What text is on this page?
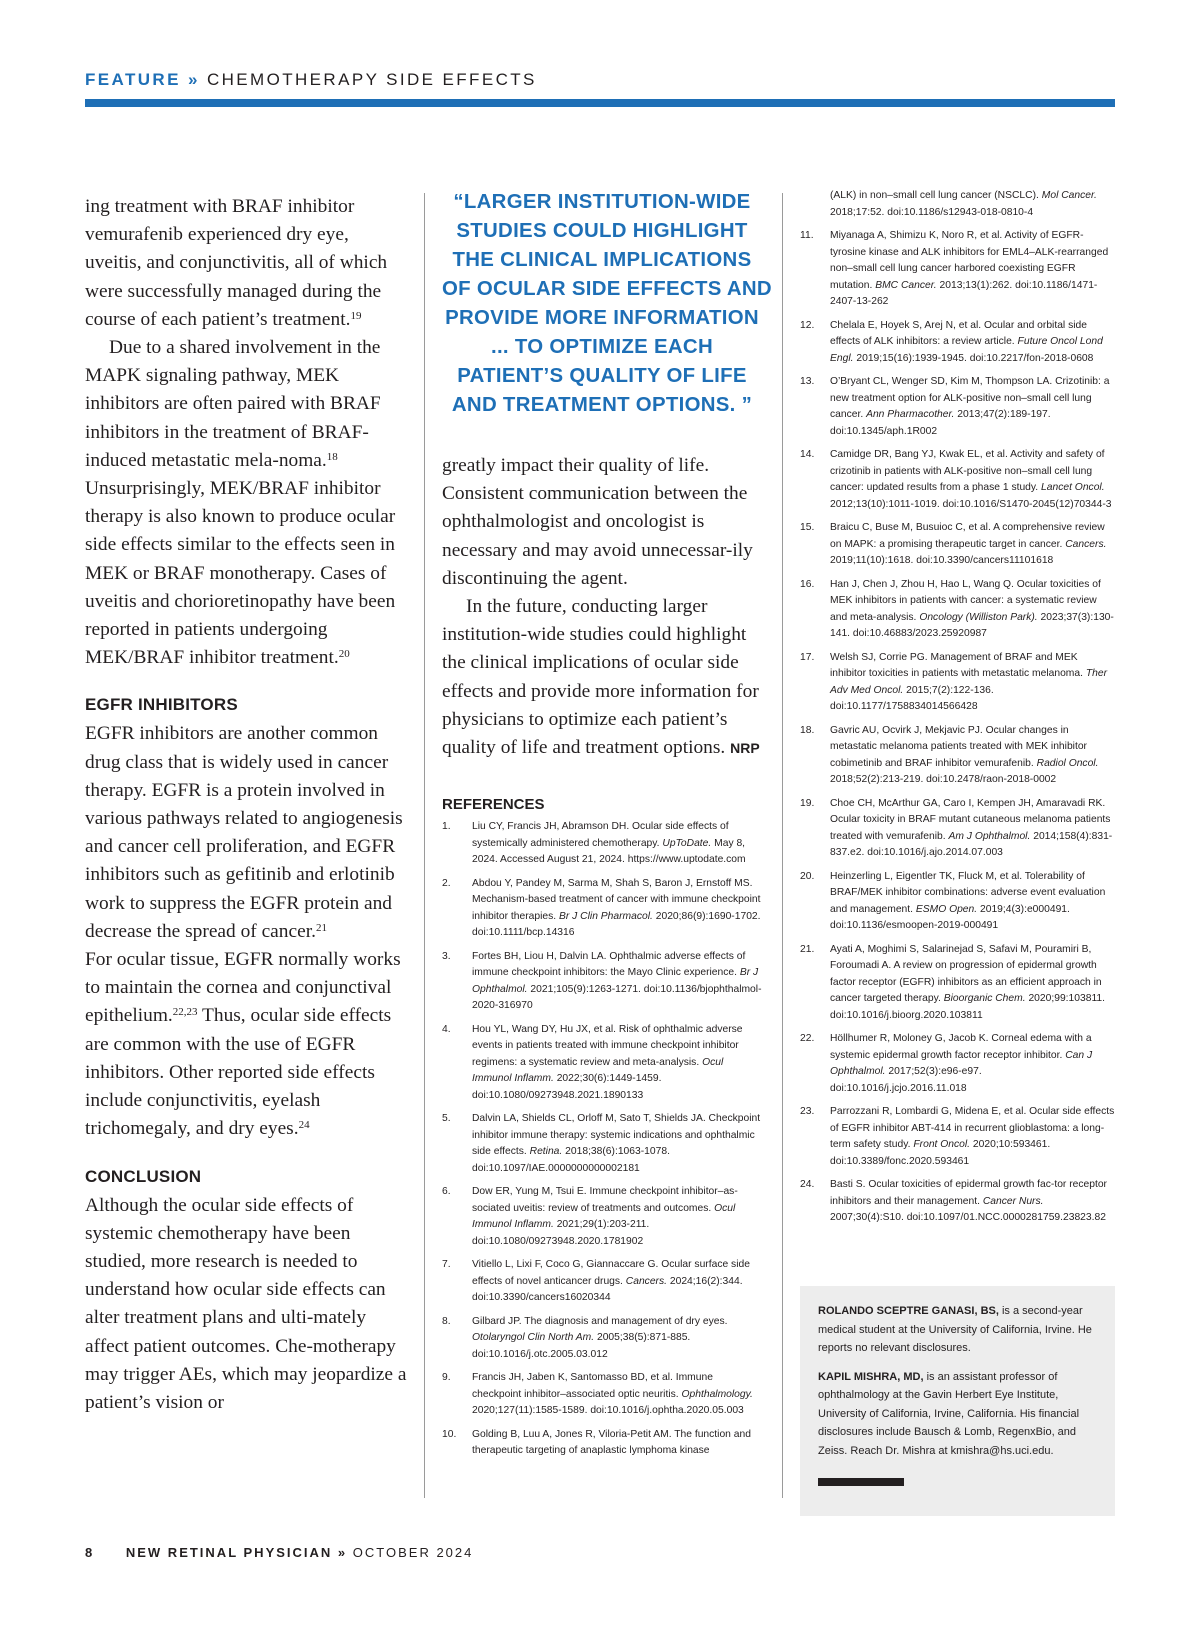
FEATURE » CHEMOTHERAPY SIDE EFFECTS

ing treatment with BRAF inhibitor vemurafenib experienced dry eye, uveitis, and conjunctivitis, all of which were successfully managed during the course of each patient’s treatment.$^{19}$

Due to a shared involvement in the MAPK signaling pathway, MEK inhibitors are often paired with BRAF inhibitors in the treatment of BRAF-induced metastatic mela-noma.$^{18}$ Unsurprisingly, MEK/BRAF inhibitor therapy is also known to produce ocular side effects similar to the effects seen in MEK or BRAF monotherapy. Cases of uveitis and chorioretinopathy have been reported in patients undergoing MEK/BRAF inhibitor treatment.$^{20}$

EGFR INHIBITORS

EGFR inhibitors are another common drug class that is widely used in cancer therapy. EGFR is a protein involved in various pathways related to angiogenesis and cancer cell proliferation, and EGFR inhibitors such as gefitinib and erlotinib work to suppress the EGFR protein and decrease the spread of cancer.$^{21}$

For ocular tissue, EGFR normally works to maintain the cornea and conjunctival epithelium.$^{22,23}$ Thus, ocular side effects are common with the use of EGFR inhibitors. Other reported side effects include conjunctivitis, eyelash trichomegaly, and dry eyes.$^{24}$

CONCLUSION

Although the ocular side effects of systemic chemotherapy have been studied, more research is needed to understand how ocular side effects can alter treatment plans and ulti-mately affect patient outcomes. Che-motherapy may trigger AEs, which may jeopardize a patient’s vision or

“LARGER INSTITUTION-WIDE
STUDIES COULD HIGHLIGHT
THE CLINICAL IMPLICATIONS
OF OCULAR SIDE EFFECTS AND
PROVIDE MORE INFORMATION
... TO OPTIMIZE EACH
PATIENT’S QUALITY OF LIFE
AND TREATMENT OPTIONS. ”

greatly impact their quality of life. Consistent communication between the ophthalmologist and oncologist is necessary and may avoid unnecessar-ily discontinuing the agent.

In the future, conducting larger institution-wide studies could highlight the clinical implications of ocular side effects and provide more information for physicians to optimize each patient’s quality of life and treatment options. NRP

REFERENCES
1.	Liu CY, Francis JH, Abramson DH. Ocular side effects of systemically administered chemotherapy. UpToDate. May 8, 2024. Accessed August 21, 2024. https://www.uptodate.com
2.	Abdou Y, Pandey M, Sarma M, Shah S, Baron J, Ernstoff MS. Mechanism-based treatment of cancer with immune checkpoint inhibitor therapies. Br J Clin Pharmacol. 2020;86(9):1690-1702. doi:10.1111/bcp.14316
3.	Fortes BH, Liou H, Dalvin LA. Ophthalmic adverse effects of immune checkpoint inhibitors: the Mayo Clinic experience. Br J Ophthalmol. 2021;105(9):1263-1271. doi:10.1136/bjophthalmol-2020-316970
4.	Hou YL, Wang DY, Hu JX, et al. Risk of ophthalmic adverse events in patients treated with immune checkpoint inhibitor regimens: a systematic review and meta-analysis. Ocul Immunol Inflamm. 2022;30(6):1449-1459. doi:10.1080/09273948.2021.1890133
5.	Dalvin LA, Shields CL, Orloff M, Sato T, Shields JA. Checkpoint inhibitor immune therapy: systemic indications and ophthalmic side effects. Retina. 2018;38(6):1063-1078. doi:10.1097/IAE.0000000000002181
6.	Dow ER, Yung M, Tsui E. Immune checkpoint inhibitor–as-sociated uveitis: review of treatments and outcomes. Ocul Immunol Inflamm. 2021;29(1):203-211. doi:10.1080/09273948.2020.1781902
7.	Vitiello L, Lixi F, Coco G, Giannaccare G. Ocular surface side effects of novel anticancer drugs. Cancers. 2024;16(2):344. doi:10.3390/cancers16020344
8.	Gilbard JP. The diagnosis and management of dry eyes. Otolaryngol Clin North Am. 2005;38(5):871-885. doi:10.1016/j.otc.2005.03.012
9.	Francis JH, Jaben K, Santomasso BD, et al. Immune checkpoint inhibitor–associated optic neuritis. Ophthalmology. 2020;127(11):1585-1589. doi:10.1016/j.ophtha.2020.05.003
10.	Golding B, Luu A, Jones R, Viloria-Petit AM. The function and therapeutic targeting of anaplastic lymphoma kinase
(ALK) in non–small cell lung cancer (NSCLC). Mol Cancer. 2018;17:52. doi:10.1186/s12943-018-0810-4
11.	Miyanaga A, Shimizu K, Noro R, et al. Activity of EGFR-tyrosine kinase and ALK inhibitors for EML4–ALK-rearranged non–small cell lung cancer harbored coexisting EGFR mutation. BMC Cancer. 2013;13(1):262. doi:10.1186/1471-2407-13-262
12.	Chelala E, Hoyek S, Arej N, et al. Ocular and orbital side effects of ALK inhibitors: a review article. Future Oncol Lond Engl. 2019;15(16):1939-1945. doi:10.2217/fon-2018-0608
13.	O’Bryant CL, Wenger SD, Kim M, Thompson LA. Crizotinib: a new treatment option for ALK-positive non–small cell lung cancer. Ann Pharmacother. 2013;47(2):189-197. doi:10.1345/aph.1R002
14.	Camidge DR, Bang YJ, Kwak EL, et al. Activity and safety of crizotinib in patients with ALK-positive non–small cell lung cancer: updated results from a phase 1 study. Lancet Oncol. 2012;13(10):1011-1019. doi:10.1016/S1470-2045(12)70344-3
15.	Braicu C, Buse M, Busuioc C, et al. A comprehensive review on MAPK: a promising therapeutic target in cancer. Cancers. 2019;11(10):1618. doi:10.3390/cancers11101618
16.	Han J, Chen J, Zhou H, Hao L, Wang Q. Ocular toxicities of MEK inhibitors in patients with cancer: a systematic review and meta-analysis. Oncology (Williston Park). 2023;37(3):130-141. doi:10.46883/2023.25920987
17.	Welsh SJ, Corrie PG. Management of BRAF and MEK inhibitor toxicities in patients with metastatic melanoma. Ther Adv Med Oncol. 2015;7(2):122-136. doi:10.1177/1758834014566428
18.	Gavric AU, Ocvirk J, Mekjavic PJ. Ocular changes in metastatic melanoma patients treated with MEK inhibitor cobimetinib and BRAF inhibitor vemurafenib. Radiol Oncol. 2018;52(2):213-219. doi:10.2478/raon-2018-0002
19.	Choe CH, McArthur GA, Caro I, Kempen JH, Amaravadi RK. Ocular toxicity in BRAF mutant cutaneous melanoma patients treated with vemurafenib. Am J Ophthalmol. 2014;158(4):831-837.e2. doi:10.1016/j.ajo.2014.07.003
20.	Heinzerling L, Eigentler TK, Fluck M, et al. Tolerability of BRAF/MEK inhibitor combinations: adverse event evaluation and management. ESMO Open. 2019;4(3):e000491. doi:10.1136/esmoopen-2019-000491
21.	Ayati A, Moghimi S, Salarinejad S, Safavi M, Pouramiri B, Foroumadi A. A review on progression of epidermal growth factor receptor (EGFR) inhibitors as an efficient approach in cancer targeted therapy. Bioorganic Chem. 2020;99:103811. doi:10.1016/j.bioorg.2020.103811
22.	Höllhumer R, Moloney G, Jacob K. Corneal edema with a systemic epidermal growth factor receptor inhibitor. Can J Ophthalmol. 2017;52(3):e96-e97. doi:10.1016/j.jcjo.2016.11.018
23.	Parrozzani R, Lombardi G, Midena E, et al. Ocular side effects of EGFR inhibitor ABT-414 in recurrent glioblastoma: a long-term safety study. Front Oncol. 2020;10:593461. doi:10.3389/fonc.2020.593461
24.	Basti S. Ocular toxicities of epidermal growth fac-tor receptor inhibitors and their management. Cancer Nurs. 2007;30(4):S10. doi:10.1097/01.NCC.0000281759.23823.82

ROLANDO SCEPTRE GANASI, BS, is a second-year medical student at the University of California, Irvine. He reports no relevant disclosures.

KAPIL MISHRA, MD, is an assistant professor of ophthalmology at the Gavin Herbert Eye Institute, University of California, Irvine, California. His financial disclosures include Bausch & Lomb, RegenxBio, and Zeiss. Reach Dr. Mishra at kmishra@hs.uci.edu.

8 NEW RETINAL PHYSICIAN » OCTOBER 2024
